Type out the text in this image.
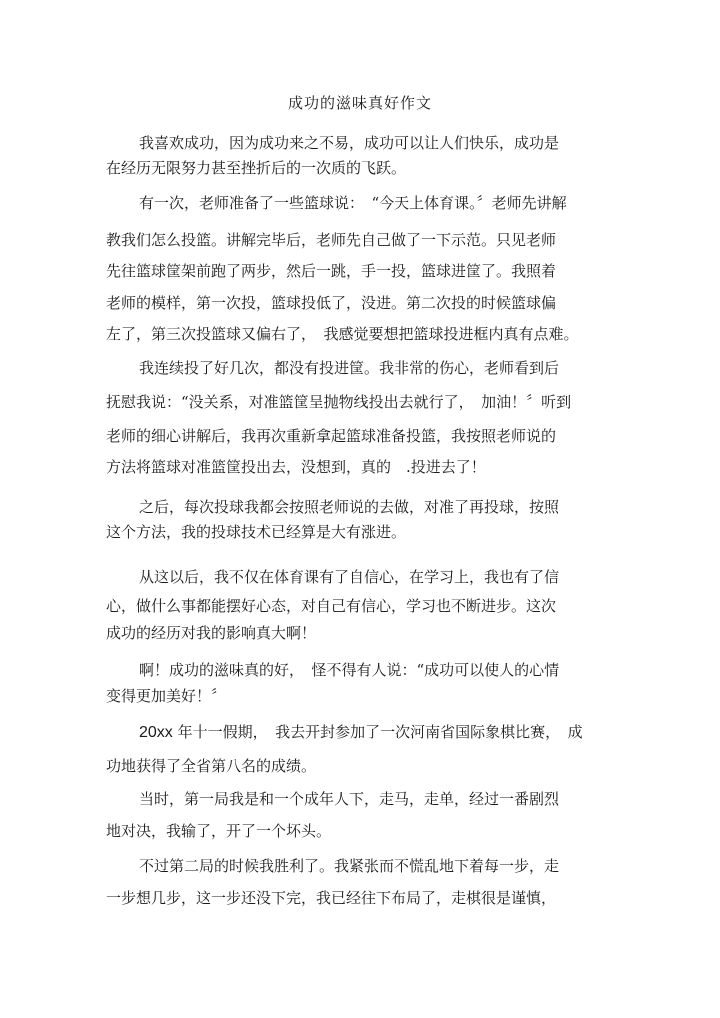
成功的滋味真好作文
我喜欢成功，因为成功来之不易，成功可以让人们快乐，成功是
在经历无限努力甚至挫折后的一次质的飞跃。
有一次，老师准备了一些篮球说：　“今天上体育课。〞老师先讲解
教我们怎么投篮。讲解完毕后，老师先自己做了一下示范。只见老师
先往篮球筐架前跑了两步，然后一跳，手一投，篮球进筐了。我照着
老师的模样，第一次投，篮球投低了，没进。第二次投的时候篮球偏
左了，第三次投篮球又偏右了，　我感觉要想把篮球投进框内真有点难。
我连续投了好几次，都没有投进筐。我非常的伤心，老师看到后
抚慰我说：“没关系，对准篮筐呈抛物线投出去就行了，　加油！〞听到
老师的细心讲解后，我再次重新拿起篮球准备投篮，我按照老师说的
方法将篮球对准篮筐投出去，没想到，真的　.投进去了！
之后，每次投球我都会按照老师说的去做，对准了再投球，按照
这个方法，我的投球技术已经算是大有涨进。
从这以后，我不仅在体育课有了自信心，在学习上，我也有了信
心，做什么事都能摆好心态，对自己有信心，学习也不断进步。这次
成功的经历对我的影响真大啊！
啊！成功的滋味真的好，　怪不得有人说：“成功可以使人的心情
变得更加美好！〞
20xx 年十一假期，　我去开封参加了一次河南省国际象棋比赛，　成
功地获得了全省第八名的成绩。
当时，第一局我是和一个成年人下，走马，走单，经过一番剧烈
地对决，我输了，开了一个坏头。
不过第二局的时候我胜利了。我紧张而不慌乱地下着每一步，走
一步想几步，这一步还没下完，我已经往下布局了，走棋很是谨慎，
